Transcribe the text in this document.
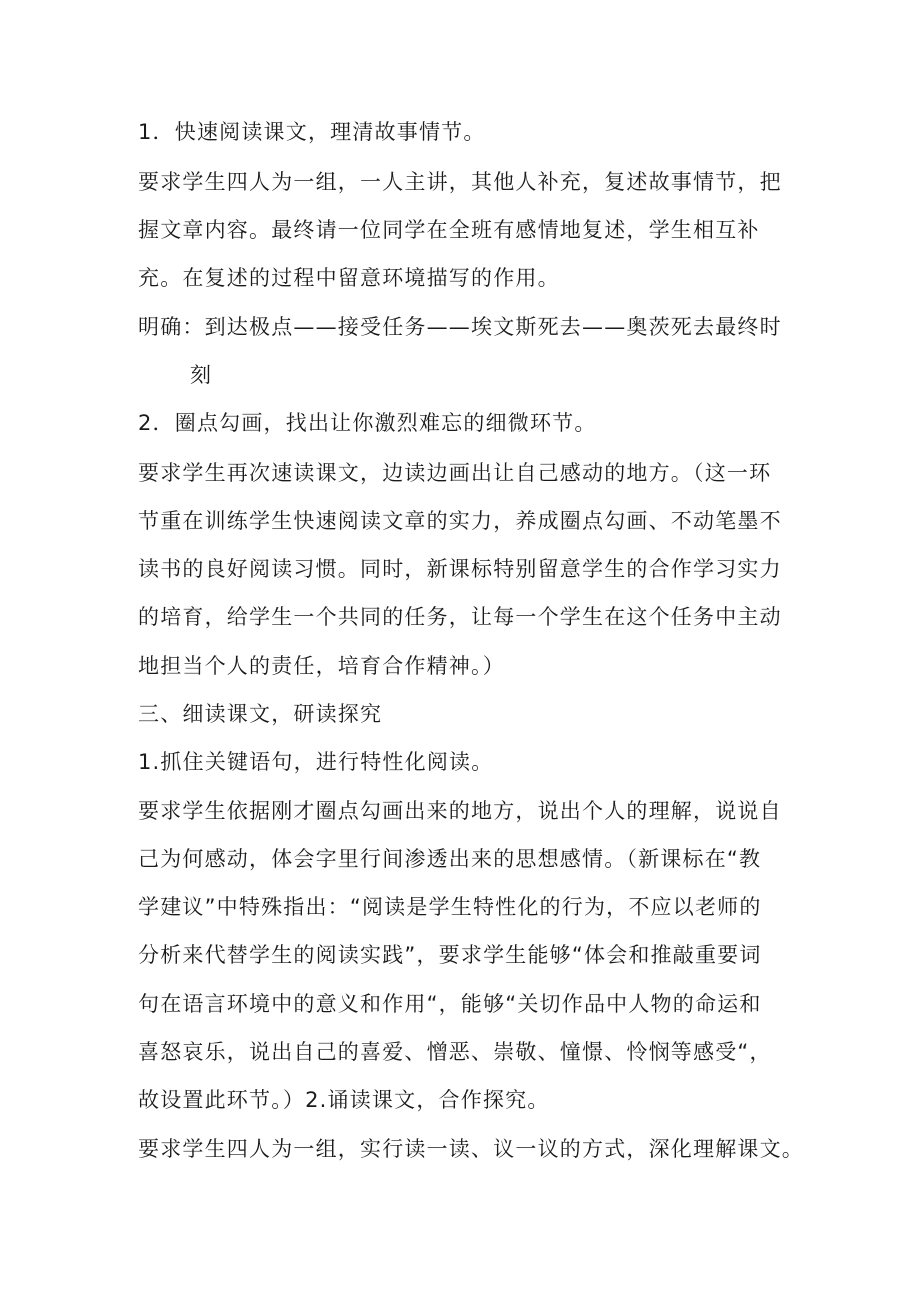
1．快速阅读课文，理清故事情节。
要求学生四人为一组，一人主讲，其他人补充，复述故事情节，把
握文章内容。最终请一位同学在全班有感情地复述，学生相互补
充。在复述的过程中留意环境描写的作用。
明确：到达极点——接受任务——埃文斯死去——奥茨死去最终时
刻
2．圈点勾画，找出让你激烈难忘的细微环节。
要求学生再次速读课文，边读边画出让自己感动的地方。（这一环
节重在训练学生快速阅读文章的实力，养成圈点勾画、不动笔墨不
读书的良好阅读习惯。同时，新课标特别留意学生的合作学习实力
的培育，给学生一个共同的任务，让每一个学生在这个任务中主动
地担当个人的责任，培育合作精神。）
三、细读课文，研读探究
1.抓住关键语句，进行特性化阅读。
要求学生依据刚才圈点勾画出来的地方，说出个人的理解，说说自
己为何感动，体会字里行间渗透出来的思想感情。（新课标在“教
学建议”中特殊指出：“阅读是学生特性化的行为，不应以老师的
分析来代替学生的阅读实践”，要求学生能够“体会和推敲重要词
句在语言环境中的意义和作用“，能够“关切作品中人物的命运和
喜怒哀乐，说出自己的喜爱、憎恶、崇敬、憧憬、怜悯等感受“，
故设置此环节。）2.诵读课文，合作探究。
要求学生四人为一组，实行读一读、议一议的方式，深化理解课文。
